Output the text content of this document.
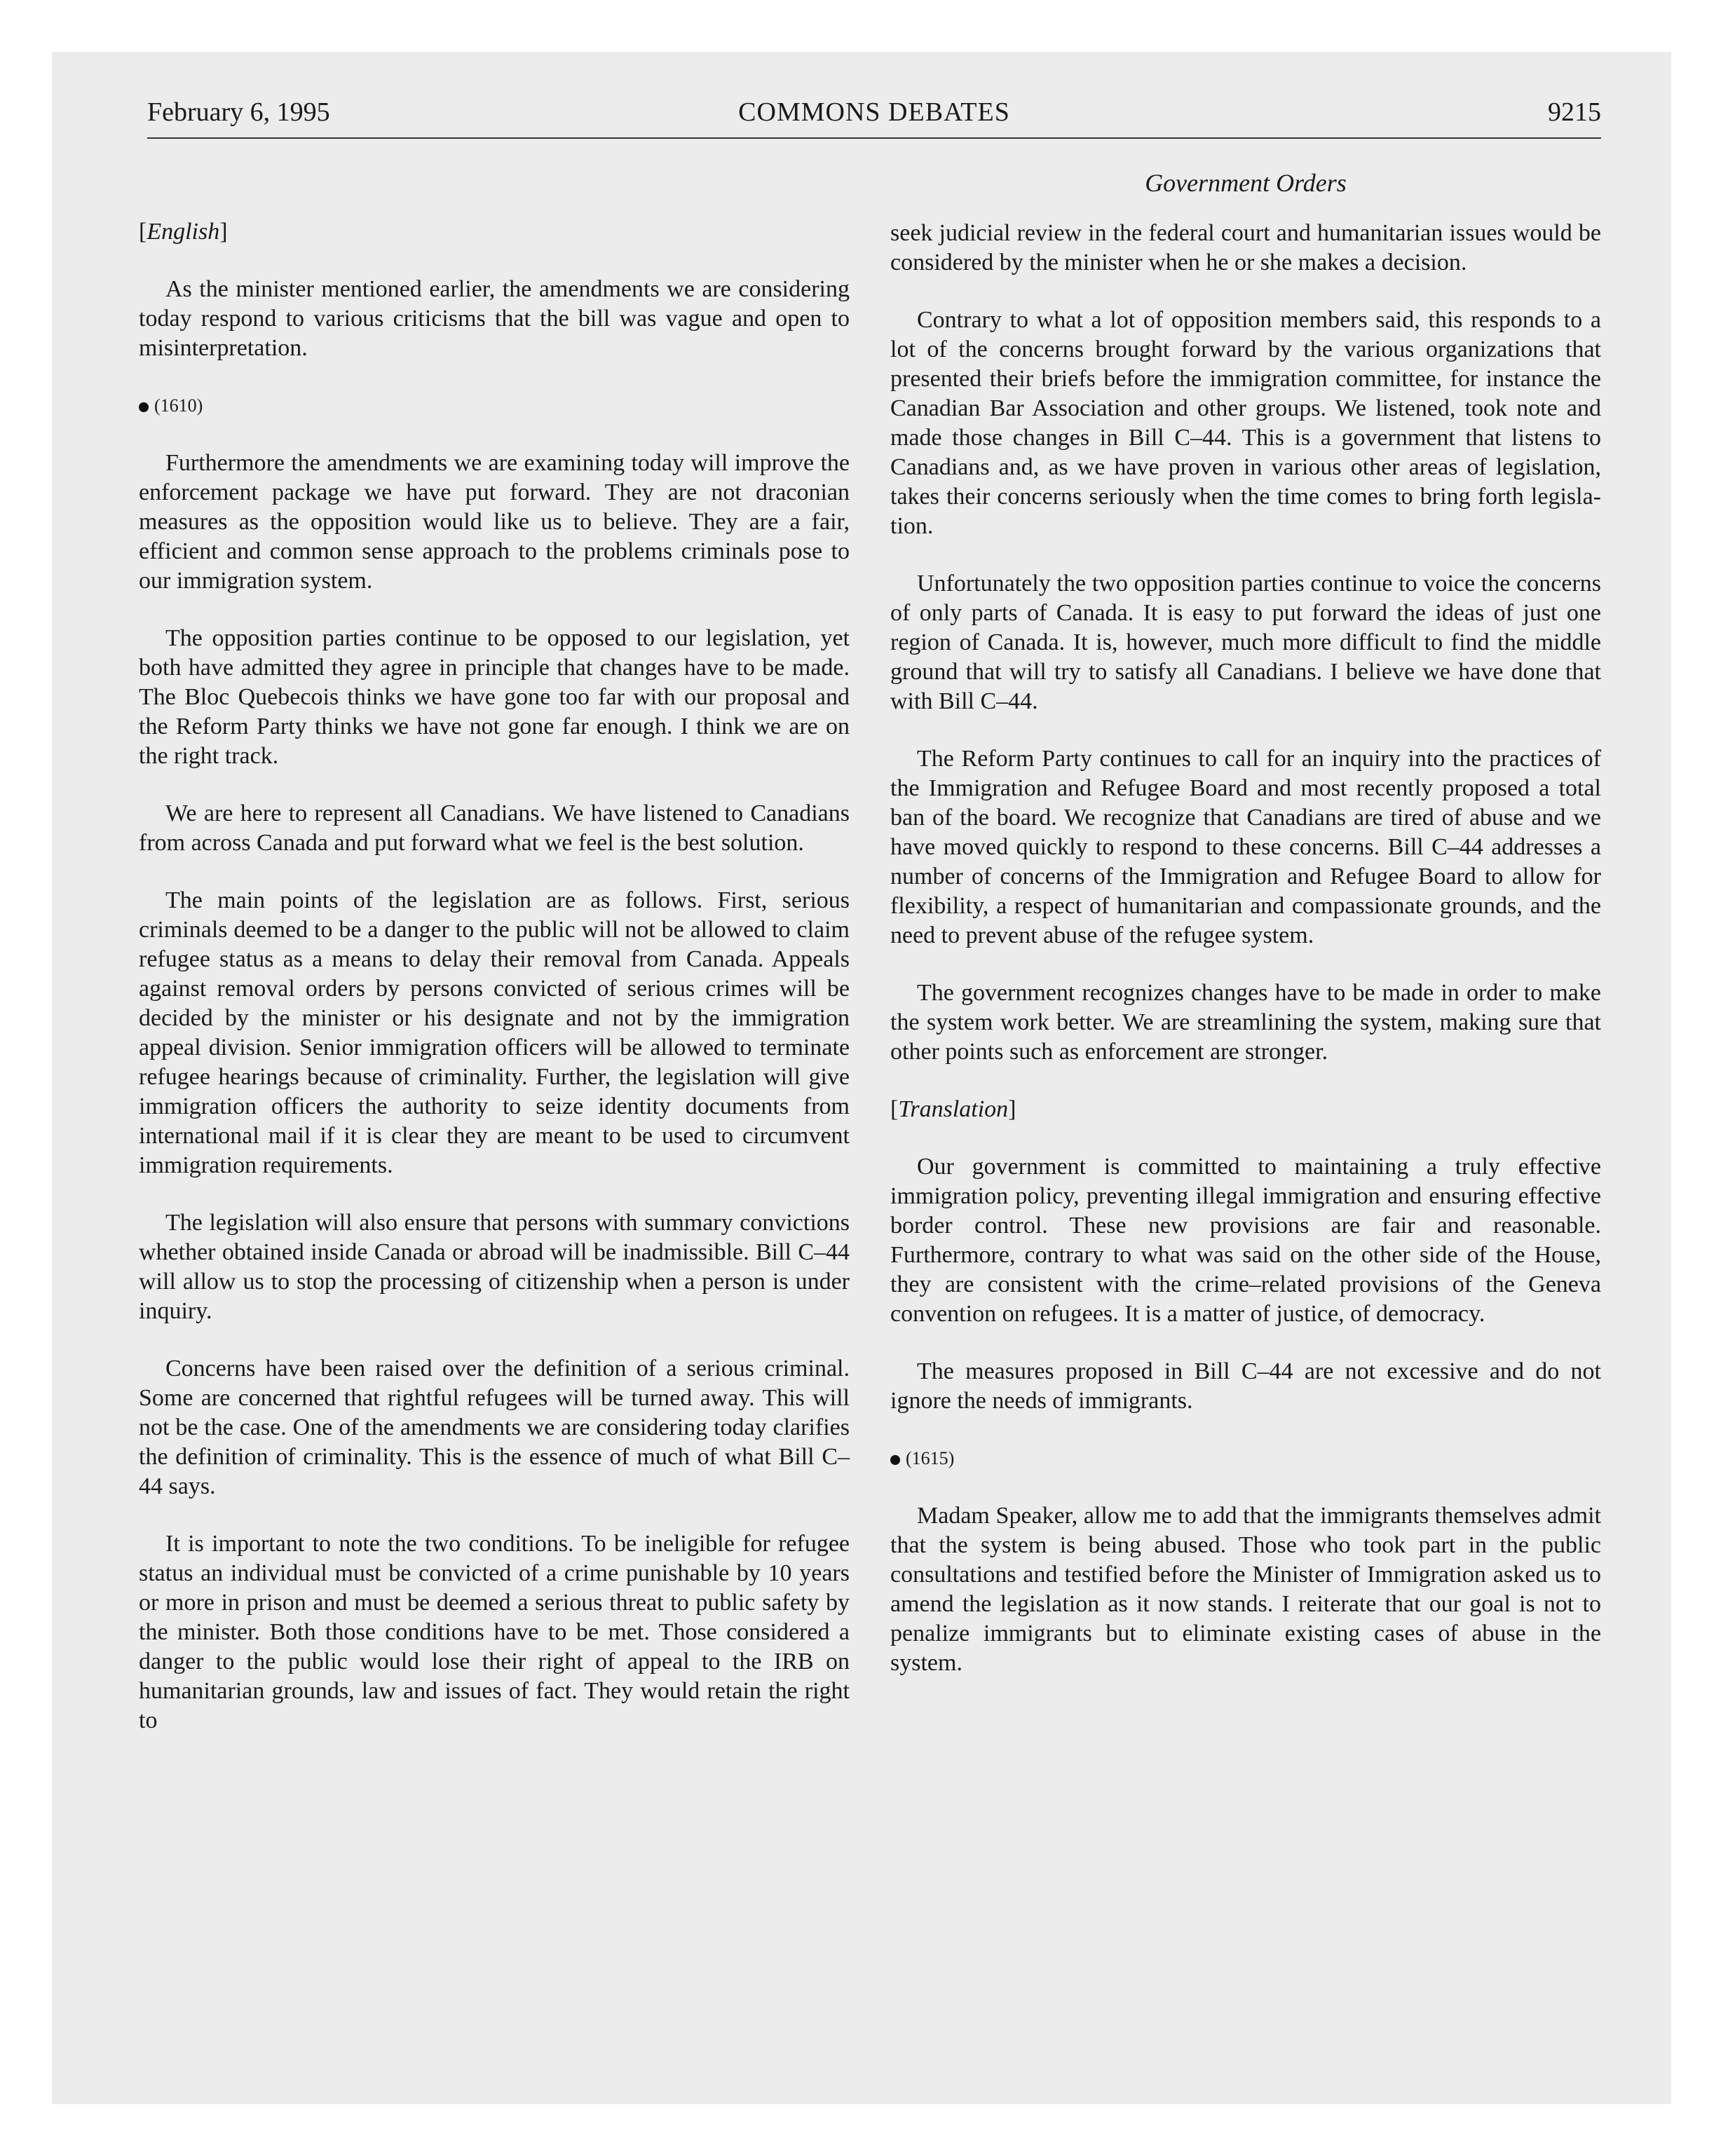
February 6, 1995	COMMONS DEBATES	9215
Government Orders

[English]

As the minister mentioned earlier, the amendments we are considering today respond to various criticisms that the bill was vague and open to misinterpretation.

(1610)

Furthermore the amendments we are examining today will improve the enforcement package we have put forward. They are not draconian measures as the opposition would like us to believe. They are a fair, efficient and common sense approach to the problems criminals pose to our immigration system.

The opposition parties continue to be opposed to our legislation, yet both have admitted they agree in principle that changes have to be made. The Bloc Quebecois thinks we have gone too far with our proposal and the Reform Party thinks we have not gone far enough. I think we are on the right track.

We are here to represent all Canadians. We have listened to Canadians from across Canada and put forward what we feel is the best solution.

The main points of the legislation are as follows. First, serious criminals deemed to be a danger to the public will not be allowed to claim refugee status as a means to delay their removal from Canada. Appeals against removal orders by persons convicted of serious crimes will be decided by the minister or his designate and not by the immigration appeal division. Senior immigration officers will be allowed to terminate refugee hearings because of criminality. Further, the legislation will give immigration officers the authority to seize identity documents from international mail if it is clear they are meant to be used to circumvent immigration requirements.

The legislation will also ensure that persons with summary convictions whether obtained inside Canada or abroad will be inadmissible. Bill C–44 will allow us to stop the processing of citizenship when a person is under inquiry.

Concerns have been raised over the definition of a serious criminal. Some are concerned that rightful refugees will be turned away. This will not be the case. One of the amendments we are considering today clarifies the definition of criminality. This is the essence of much of what Bill C–44 says.

It is important to note the two conditions. To be ineligible for refugee status an individual must be convicted of a crime punishable by 10 years or more in prison and must be deemed a serious threat to public safety by the minister. Both those conditions have to be met. Those considered a danger to the public would lose their right of appeal to the IRB on humanitarian grounds, law and issues of fact. They would retain the right to

seek judicial review in the federal court and humanitarian issues would be considered by the minister when he or she makes a decision.

Contrary to what a lot of opposition members said, this responds to a lot of the concerns brought forward by the various organizations that presented their briefs before the immigration committee, for instance the Canadian Bar Association and other groups. We listened, took note and made those changes in Bill C–44. This is a government that listens to Canadians and, as we have proven in various other areas of legislation, takes their concerns seriously when the time comes to bring forth legislation.

Unfortunately the two opposition parties continue to voice the concerns of only parts of Canada. It is easy to put forward the ideas of just one region of Canada. It is, however, much more difficult to find the middle ground that will try to satisfy all Canadians. I believe we have done that with Bill C–44.

The Reform Party continues to call for an inquiry into the practices of the Immigration and Refugee Board and most recently proposed a total ban of the board. We recognize that Canadians are tired of abuse and we have moved quickly to respond to these concerns. Bill C–44 addresses a number of concerns of the Immigration and Refugee Board to allow for flexibility, a respect of humanitarian and compassionate grounds, and the need to prevent abuse of the refugee system.

The government recognizes changes have to be made in order to make the system work better. We are streamlining the system, making sure that other points such as enforcement are stronger.

[Translation]

Our government is committed to maintaining a truly effective immigration policy, preventing illegal immigration and ensuring effective border control. These new provisions are fair and reasonable. Furthermore, contrary to what was said on the other side of the House, they are consistent with the crime–related provisions of the Geneva convention on refugees. It is a matter of justice, of democracy.

The measures proposed in Bill C–44 are not excessive and do not ignore the needs of immigrants.

(1615)

Madam Speaker, allow me to add that the immigrants themselves admit that the system is being abused. Those who took part in the public consultations and testified before the Minister of Immigration asked us to amend the legislation as it now stands. I reiterate that our goal is not to penalize immigrants but to eliminate existing cases of abuse in the system.
